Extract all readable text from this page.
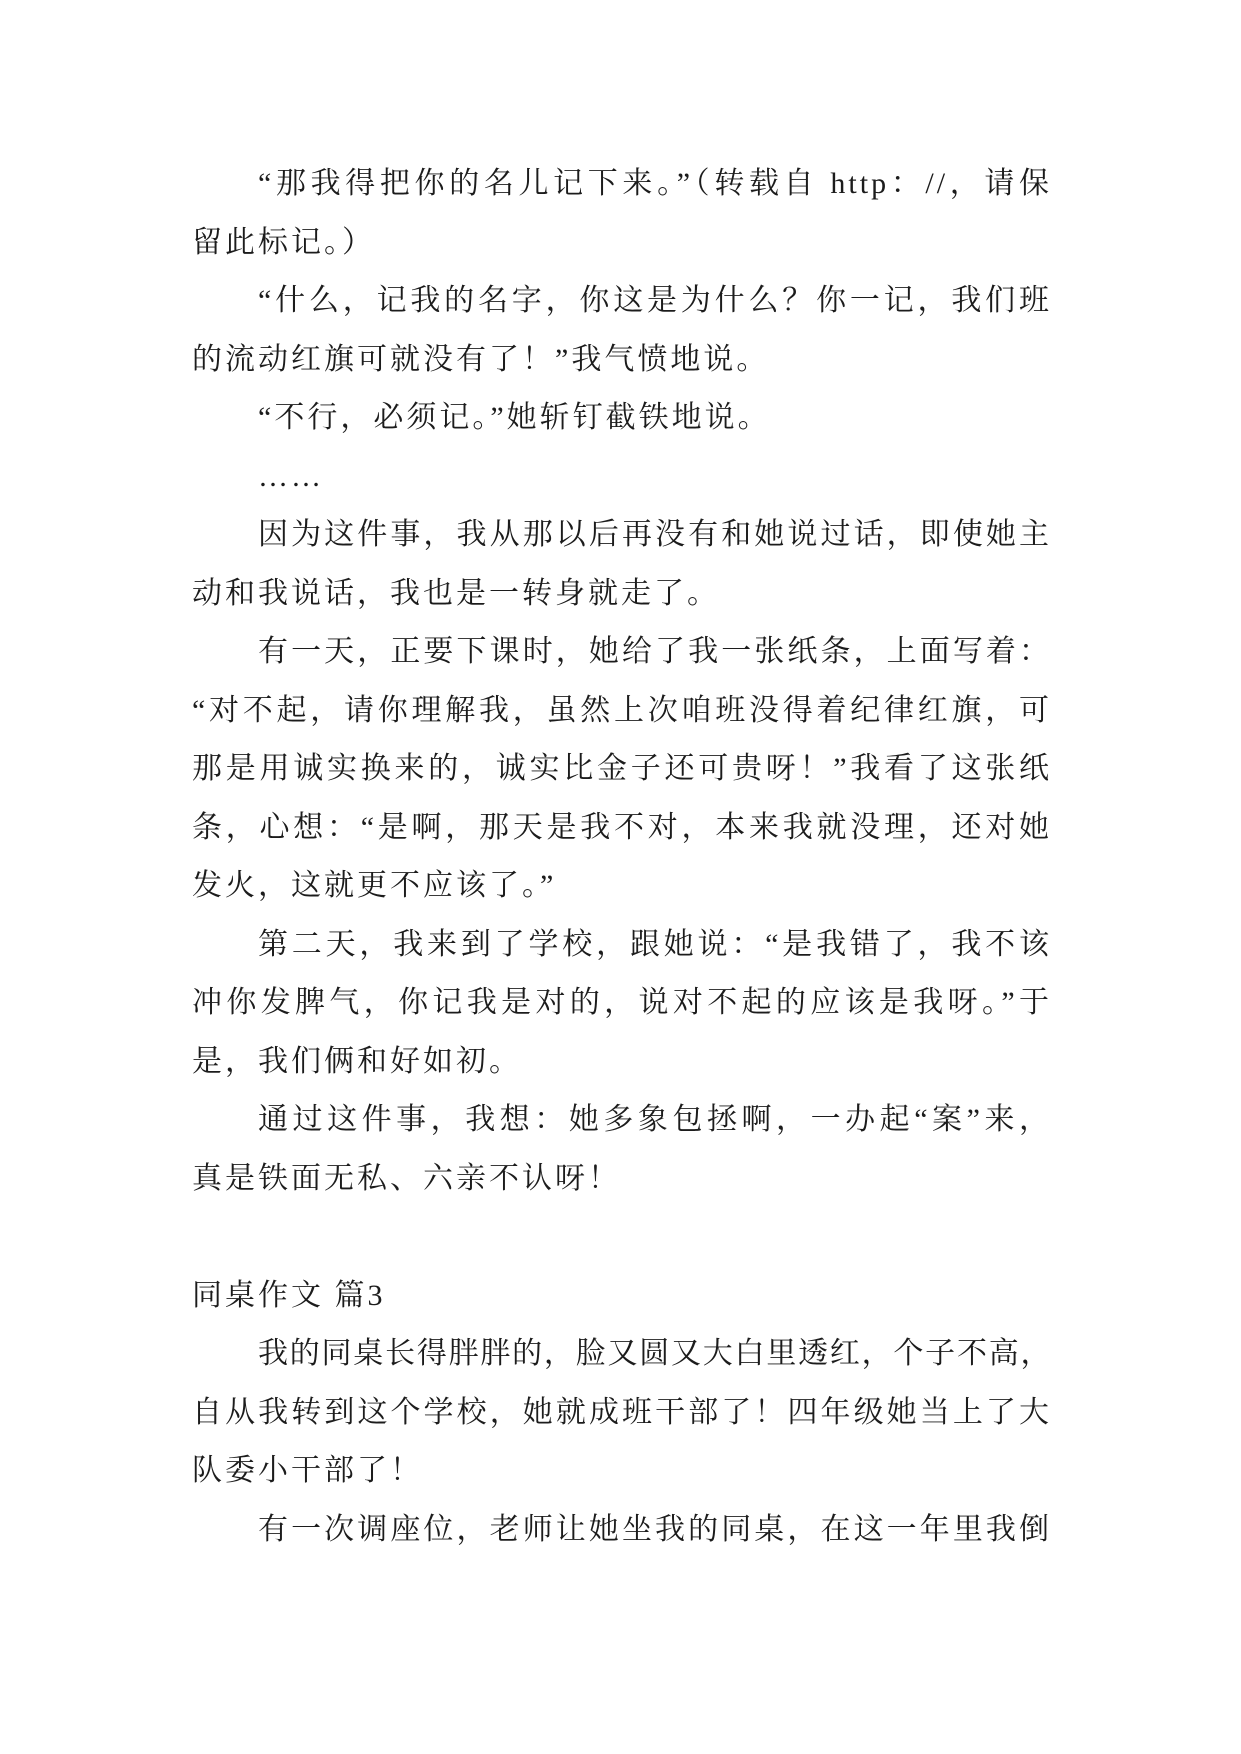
“那我得把你的名儿记下来。”（转载自 http：//，请保
留此标记。）
“什么，记我的名字，你这是为什么？你一记，我们班
的流动红旗可就没有了！”我气愤地说。
“不行，必须记。”她斩钉截铁地说。
……
因为这件事，我从那以后再没有和她说过话，即使她主
动和我说话，我也是一转身就走了。
有一天，正要下课时，她给了我一张纸条，上面写着：
“对不起，请你理解我，虽然上次咱班没得着纪律红旗，可
那是用诚实换来的，诚实比金子还可贵呀！”我看了这张纸
条，心想：“是啊，那天是我不对，本来我就没理，还对她
发火，这就更不应该了。”
第二天，我来到了学校，跟她说：“是我错了，我不该
冲你发脾气，你记我是对的，说对不起的应该是我呀。”于
是，我们俩和好如初。
通过这件事，我想：她多象包拯啊，一办起“案”来，
真是铁面无私、六亲不认呀！
同桌作文 篇3
我的同桌长得胖胖的，脸又圆又大白里透红，个子不高，
自从我转到这个学校，她就成班干部了！四年级她当上了大
队委小干部了！
有一次调座位，老师让她坐我的同桌，在这一年里我倒
